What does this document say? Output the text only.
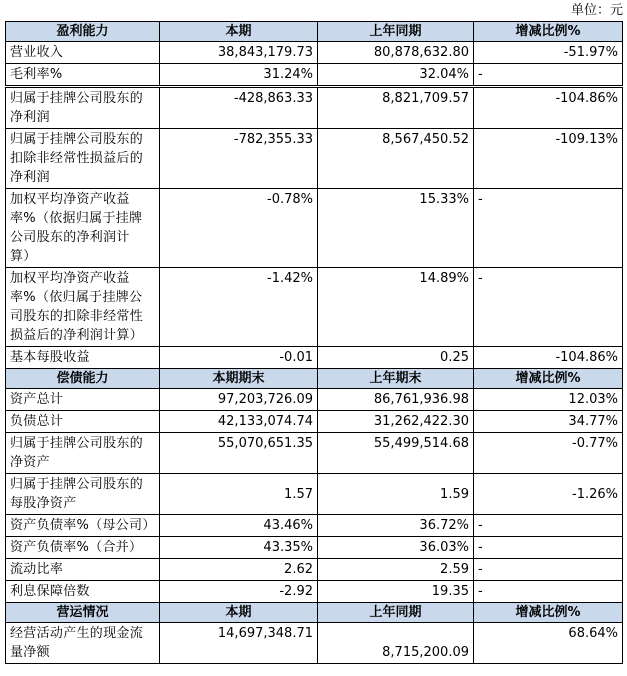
单位：元
盈利能力	本期	上年同期	增减比例%

营业收入	38,843,179.73	80,878,632.80	-51.97%

毛利率%	31.24%	32.04%	-

归属于挂牌公司股东的
净利润	-428,863.33	8,821,709.57	-104.86%

归属于挂牌公司股东的
扣除非经常性损益后的
净利润	-782,355.33	8,567,450.52	-109.13%

加权平均净资产收益
率%（依据归属于挂牌
公司股东的净利润计
算）	-0.78%	15.33%	-

加权平均净资产收益
率%（依归属于挂牌公
司股东的扣除非经常性
损益后的净利润计算）	-1.42%	14.89%	-

基本每股收益	-0.01	0.25	-104.86%
偿债能力	本期期末	上年期末	增减比例%

资产总计	97,203,726.09	86,761,936.98	12.03%

负债总计	42,133,074.74	31,262,422.30	34.77%

归属于挂牌公司股东的
净资产	55,070,651.35	55,499,514.68	-0.77%

归属于挂牌公司股东的
每股净资产	1.57	1.59	-1.26%

资产负债率%（母公司）	43.46%	36.72%	-

资产负债率%（合并）	43.35%	36.03%	-

流动比率	2.62	2.59	-

利息保障倍数	-2.92	19.35	-
营运情况	本期	上年同期	增减比例%

经营活动产生的现金流
量净额	14,697,348.71	8,715,200.09	68.64%
